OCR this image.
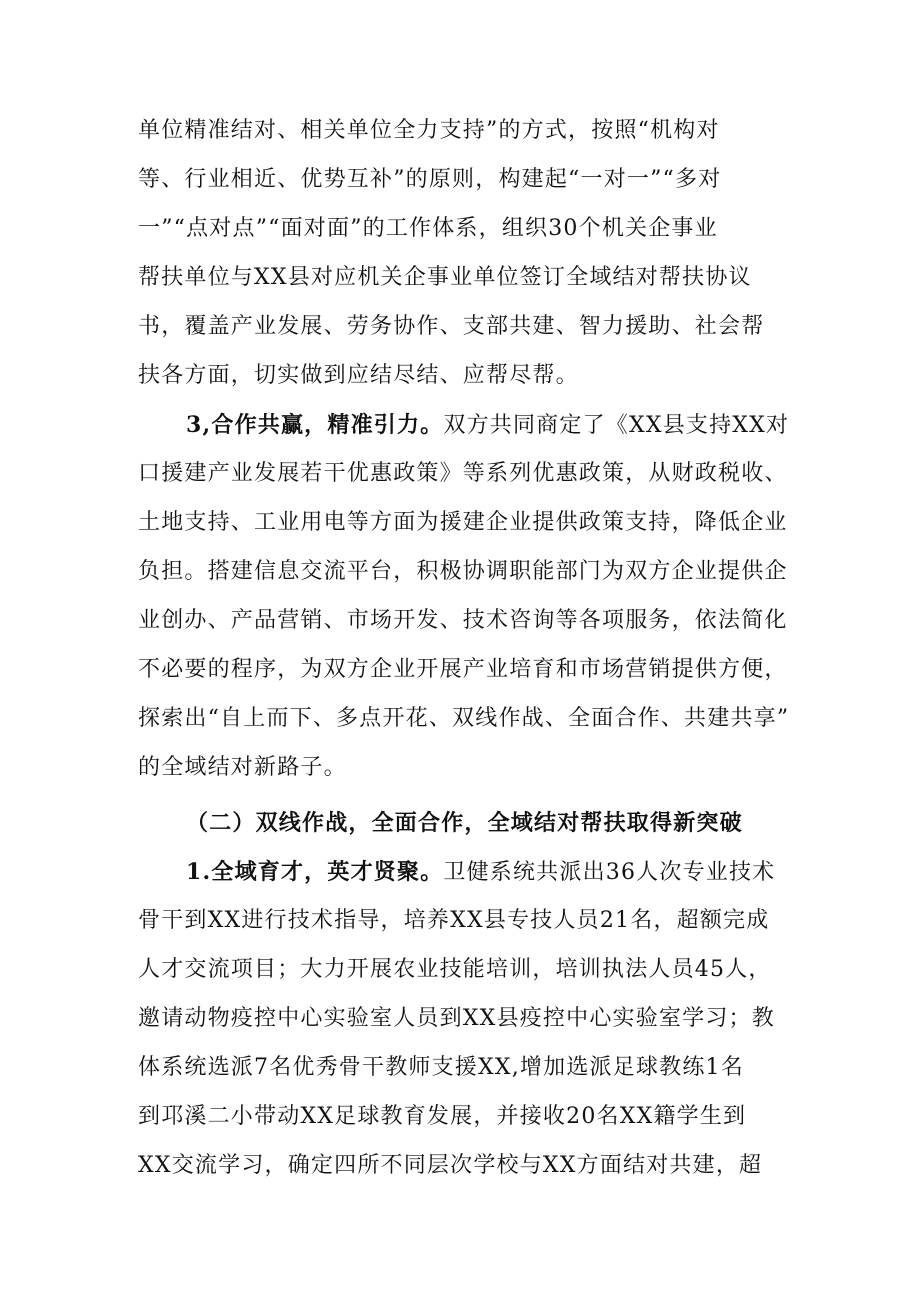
单位精准结对、相关单位全力支持”的方式，按照“机构对
等、行业相近、优势互补”的原则，构建起“一对一”“多对
一”“点对点”“面对面”的工作体系，组织30个机关企事业
帮扶单位与XX县对应机关企事业单位签订全域结对帮扶协议
书，覆盖产业发展、劳务协作、支部共建、智力援助、社会帮
扶各方面，切实做到应结尽结、应帮尽帮。
3,合作共赢，精准引力。双方共同商定了《XX县支持XX对
口援建产业发展若干优惠政策》等系列优惠政策，从财政税收、
土地支持、工业用电等方面为援建企业提供政策支持，降低企业
负担。搭建信息交流平台，积极协调职能部门为双方企业提供企
业创办、产品营销、市场开发、技术咨询等各项服务，依法简化
不必要的程序，为双方企业开展产业培育和市场营销提供方便，
探索出“自上而下、多点开花、双线作战、全面合作、共建共享”
的全域结对新路子。
（二）双线作战，全面合作，全域结对帮扶取得新突破
1.全域育才，英才贤聚。卫健系统共派出36人次专业技术
骨干到XX进行技术指导，培养XX县专技人员21名，超额完成
人才交流项目；大力开展农业技能培训，培训执法人员45人，
邀请动物疫控中心实验室人员到XX县疫控中心实验室学习；教
体系统选派7名优秀骨干教师支援XX,增加选派足球教练1名
到邛溪二小带动XX足球教育发展，并接收20名XX籍学生到
XX交流学习，确定四所不同层次学校与XX方面结对共建，超
